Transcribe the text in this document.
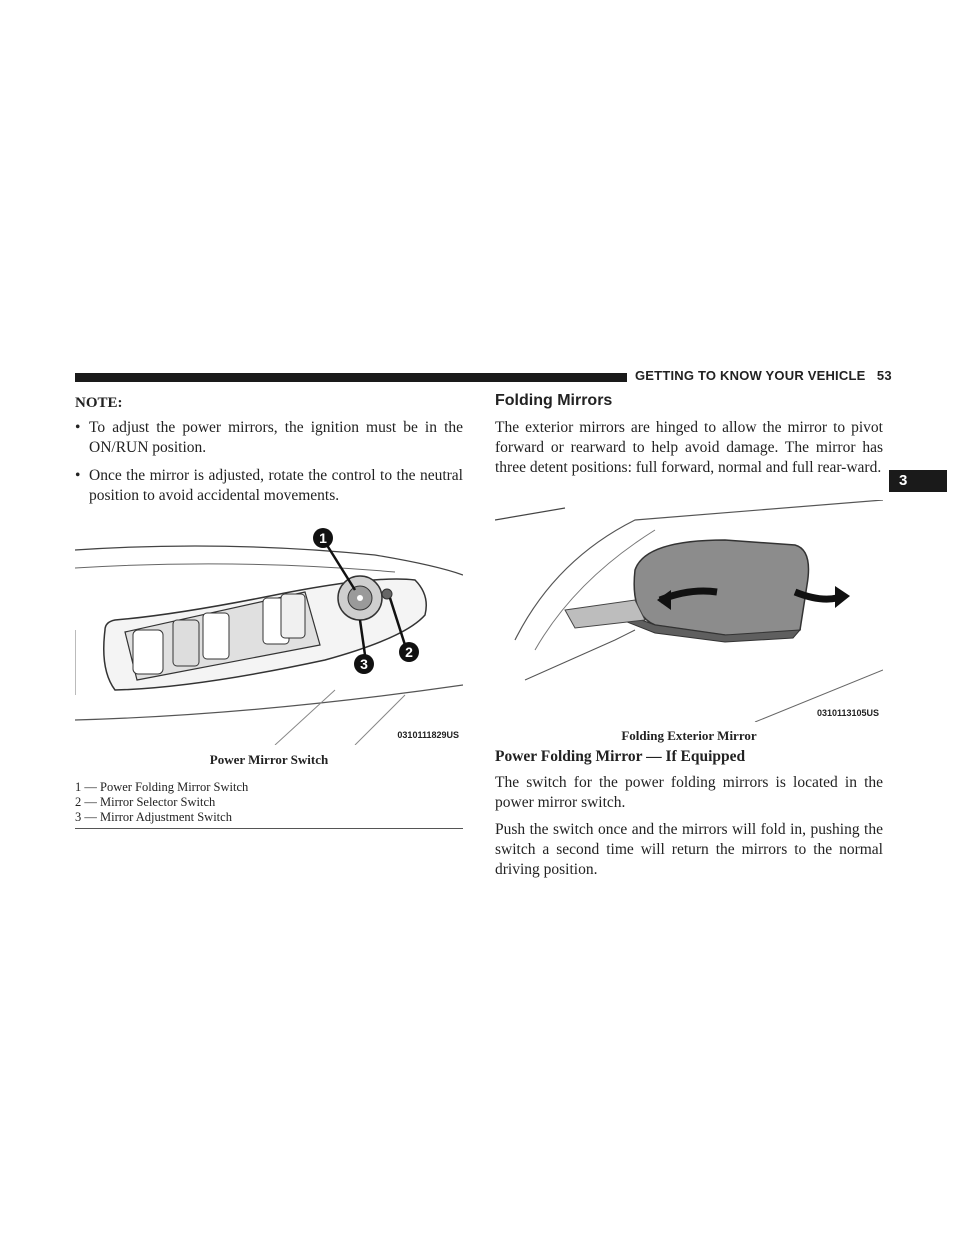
GETTING TO KNOW YOUR VEHICLE 53
3
NOTE:
• To adjust the power mirrors, the ignition must be in the ON/RUN position.
• Once the mirror is adjusted, rotate the control to the neutral position to avoid accidental movements.
1
2
3
0310111829US
Power Mirror Switch
1 — Power Folding Mirror Switch
2 — Mirror Selector Switch
3 — Mirror Adjustment Switch
Folding Mirrors
The exterior mirrors are hinged to allow the mirror to pivot forward or rearward to help avoid damage. The mirror has three detent positions: full forward, normal and full rear-ward.
0310113105US
Folding Exterior Mirror
Power Folding Mirror — If Equipped
The switch for the power folding mirrors is located in the power mirror switch.
Push the switch once and the mirrors will fold in, pushing the switch a second time will return the mirrors to the normal driving position.
